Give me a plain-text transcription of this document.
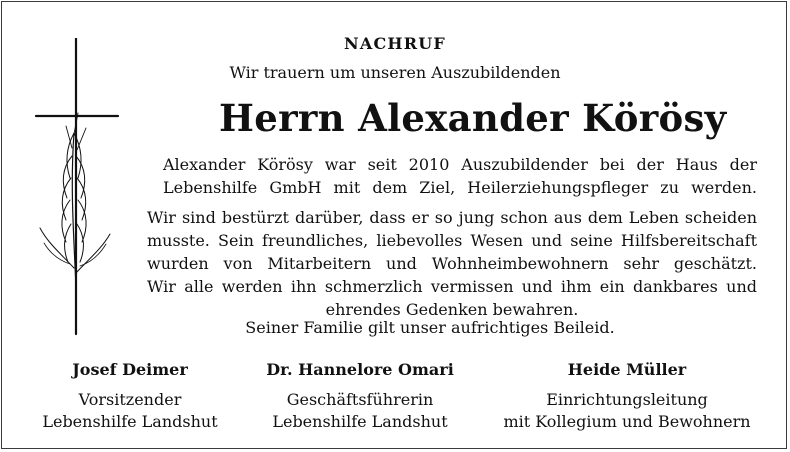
NACHRUF
Wir trauern um unseren Auszubildenden
Herrn Alexander Körösy
Alexander Körösy war seit 2010 Auszubildender bei der Haus der
Lebenshilfe GmbH mit dem Ziel, Heilerziehungspfleger zu werden.
Wir sind bestürzt darüber, dass er so jung schon aus dem Leben scheiden
musste. Sein freundliches, liebevolles Wesen und seine Hilfsbereitschaft
wurden von Mitarbeitern und Wohnheimbewohnern sehr geschätzt.
Wir alle werden ihn schmerzlich vermissen und ihm ein dankbares und
ehrendes Gedenken bewahren.
Seiner Familie gilt unser aufrichtiges Beileid.
Josef Deimer
Vorsitzender
Lebenshilfe Landshut
Dr. Hannelore Omari
Geschäftsführerin
Lebenshilfe Landshut
Heide Müller
Einrichtungsleitung
mit Kollegium und Bewohnern
